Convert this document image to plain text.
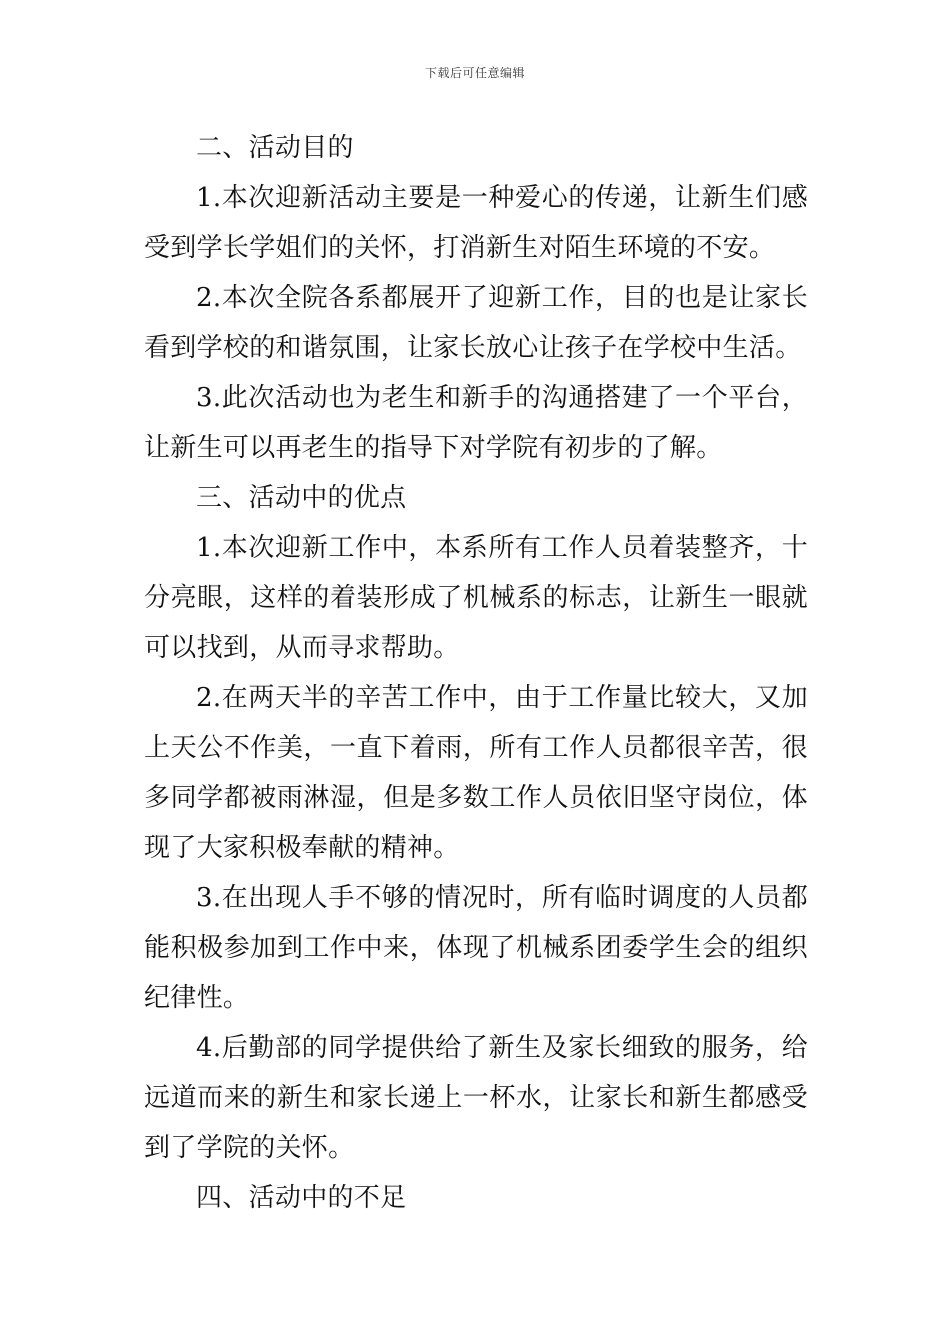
下载后可任意编辑

二、活动目的

1.本次迎新活动主要是一种爱心的传递，让新生们感受到学长学姐们的关怀，打消新生对陌生环境的不安。

2.本次全院各系都展开了迎新工作，目的也是让家长看到学校的和谐氛围，让家长放心让孩子在学校中生活。

3.此次活动也为老生和新手的沟通搭建了一个平台，让新生可以再老生的指导下对学院有初步的了解。

三、活动中的优点

1.本次迎新工作中，本系所有工作人员着装整齐，十分亮眼，这样的着装形成了机械系的标志，让新生一眼就可以找到，从而寻求帮助。

2.在两天半的辛苦工作中，由于工作量比较大，又加上天公不作美，一直下着雨，所有工作人员都很辛苦，很多同学都被雨淋湿，但是多数工作人员依旧坚守岗位，体现了大家积极奉献的精神。

3.在出现人手不够的情况时，所有临时调度的人员都能积极参加到工作中来，体现了机械系团委学生会的组织纪律性。

4.后勤部的同学提供给了新生及家长细致的服务，给远道而来的新生和家长递上一杯水，让家长和新生都感受到了学院的关怀。

四、活动中的不足
